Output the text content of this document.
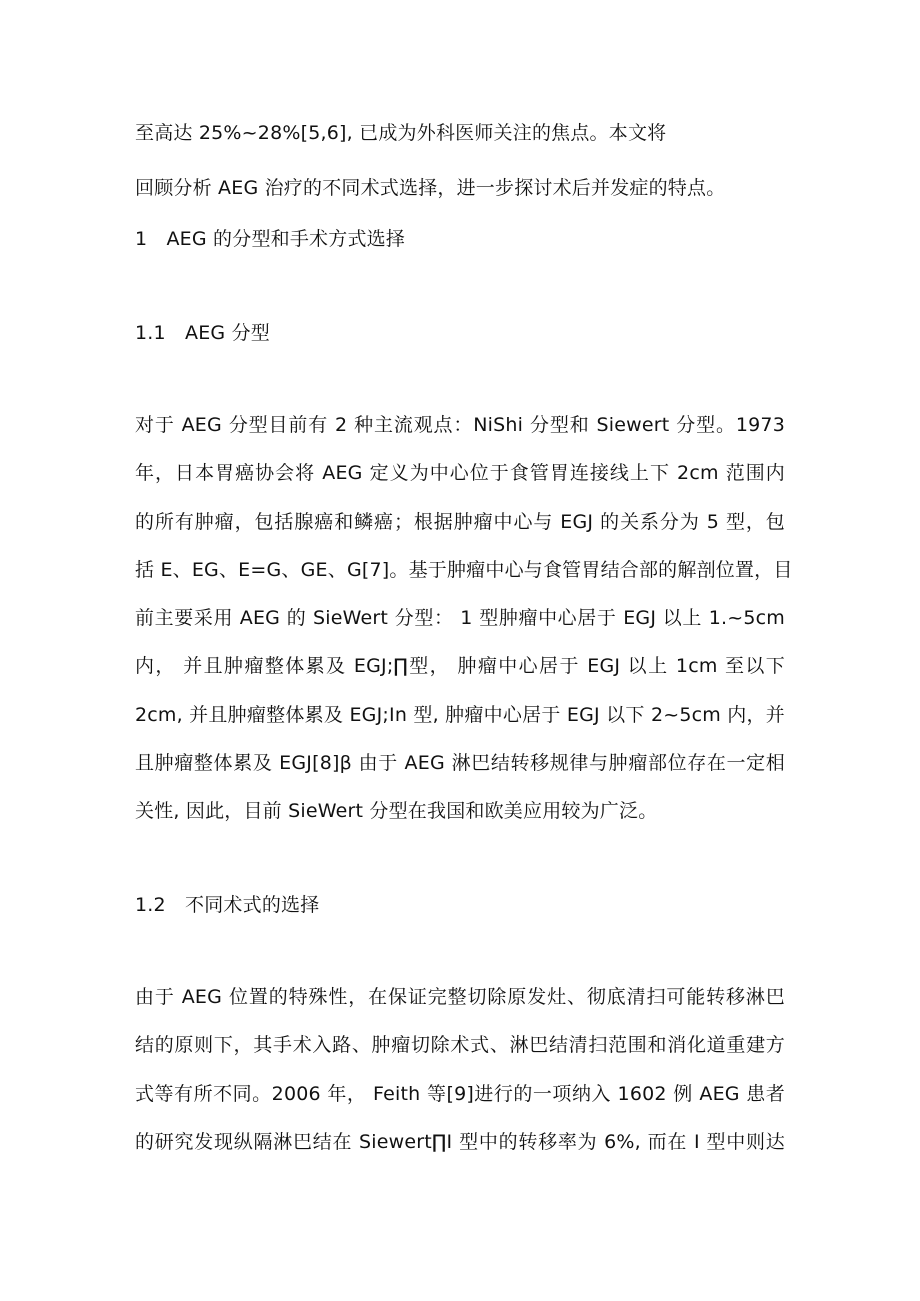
至高达 25%~28%[5,6], 已成为外科医师关注的焦点。本文将
回顾分析 AEG 治疗的不同术式选择，进一步探讨术后并发症的特点。
1　AEG 的分型和手术方式选择
1.1　AEG 分型
对于 AEG 分型目前有 2 种主流观点：NiShi 分型和 Siewert 分型。1973
年，日本胃癌协会将 AEG 定义为中心位于食管胃连接线上下 2cm 范围内
的所有肿瘤，包括腺癌和鳞癌；根据肿瘤中心与 EGJ 的关系分为 5 型，包
括 E、EG、E=G、GE、G[7]。基于肿瘤中心与食管胃结合部的解剖位置，目
前主要采用 AEG 的 SieWert 分型： 1 型肿瘤中心居于 EGJ 以上 1.~5cm
内， 并且肿瘤整体累及 EGJ;∏型， 肿瘤中心居于 EGJ 以上 1cm 至以下
2cm, 并且肿瘤整体累及 EGJ;In 型, 肿瘤中心居于 EGJ 以下 2~5cm 内，并
且肿瘤整体累及 EGJ[8]β 由于 AEG 淋巴结转移规律与肿瘤部位存在一定相
关性, 因此，目前 SieWert 分型在我国和欧美应用较为广泛。
1.2　不同术式的选择
由于 AEG 位置的特殊性，在保证完整切除原发灶、彻底清扫可能转移淋巴
结的原则下，其手术入路、肿瘤切除术式、淋巴结清扫范围和消化道重建方
式等有所不同。2006 年， Feith 等[9]进行的一项纳入 1602 例 AEG 患者
的研究发现纵隔淋巴结在 Siewert∏I 型中的转移率为 6%, 而在 I 型中则达
